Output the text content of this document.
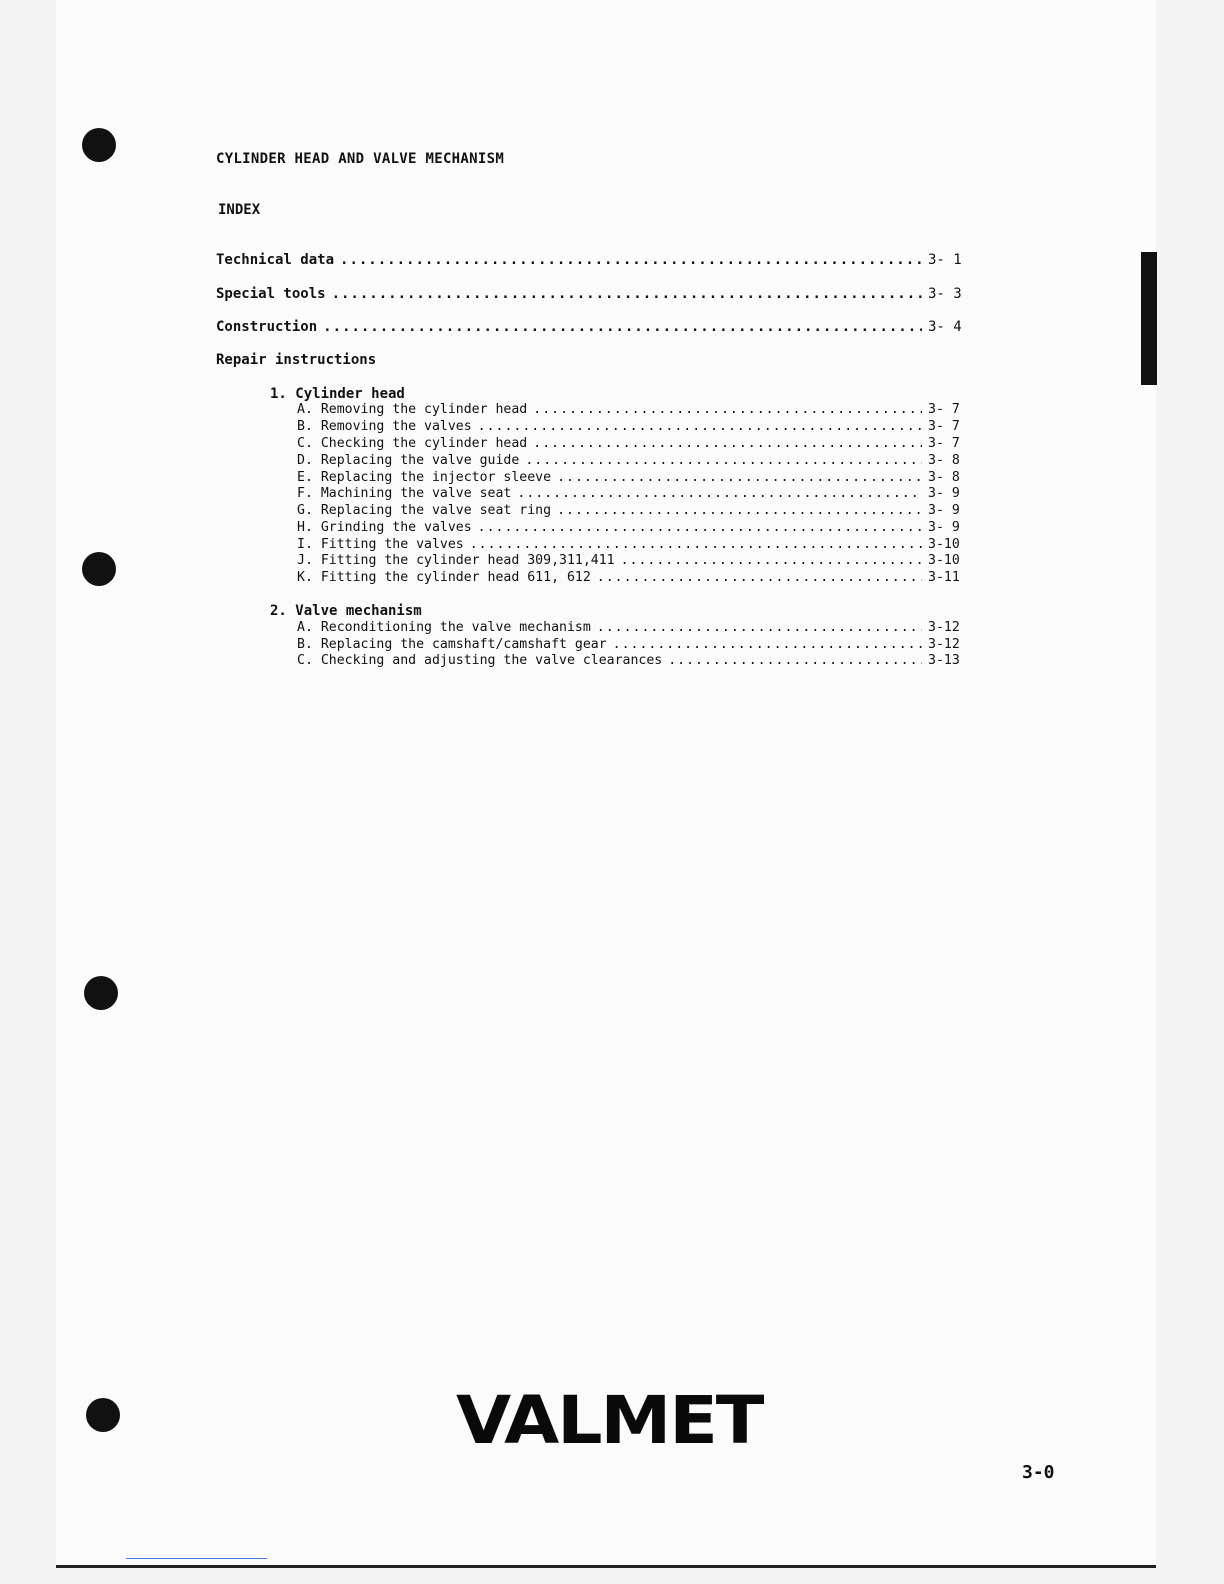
CYLINDER HEAD AND VALVE MECHANISM
INDEX
Technical data .....	3- 1
Special tools .....	3- 3
Construction .....	3- 4
Repair instructions
1. Cylinder head
A. Removing the cylinder head .....	3- 7
B. Removing the valves .....	3- 7
C. Checking the cylinder head .....	3- 7
D. Replacing the valve guide .....	3- 8
E. Replacing the injector sleeve .....	3- 8
F. Machining the valve seat .....	3- 9
G. Replacing the valve seat ring .....	3- 9
H. Grinding the valves .....	3- 9
I. Fitting the valves .....	3-10
J. Fitting the cylinder head 309,311,411 .....	3-10
K. Fitting the cylinder head 611, 612 .....	3-11
2. Valve mechanism
A. Reconditioning the valve mechanism .....	3-12
B. Replacing the camshaft/camshaft gear .....	3-12
C. Checking and adjusting the valve clearances .....	3-13
VALMET
3-0
